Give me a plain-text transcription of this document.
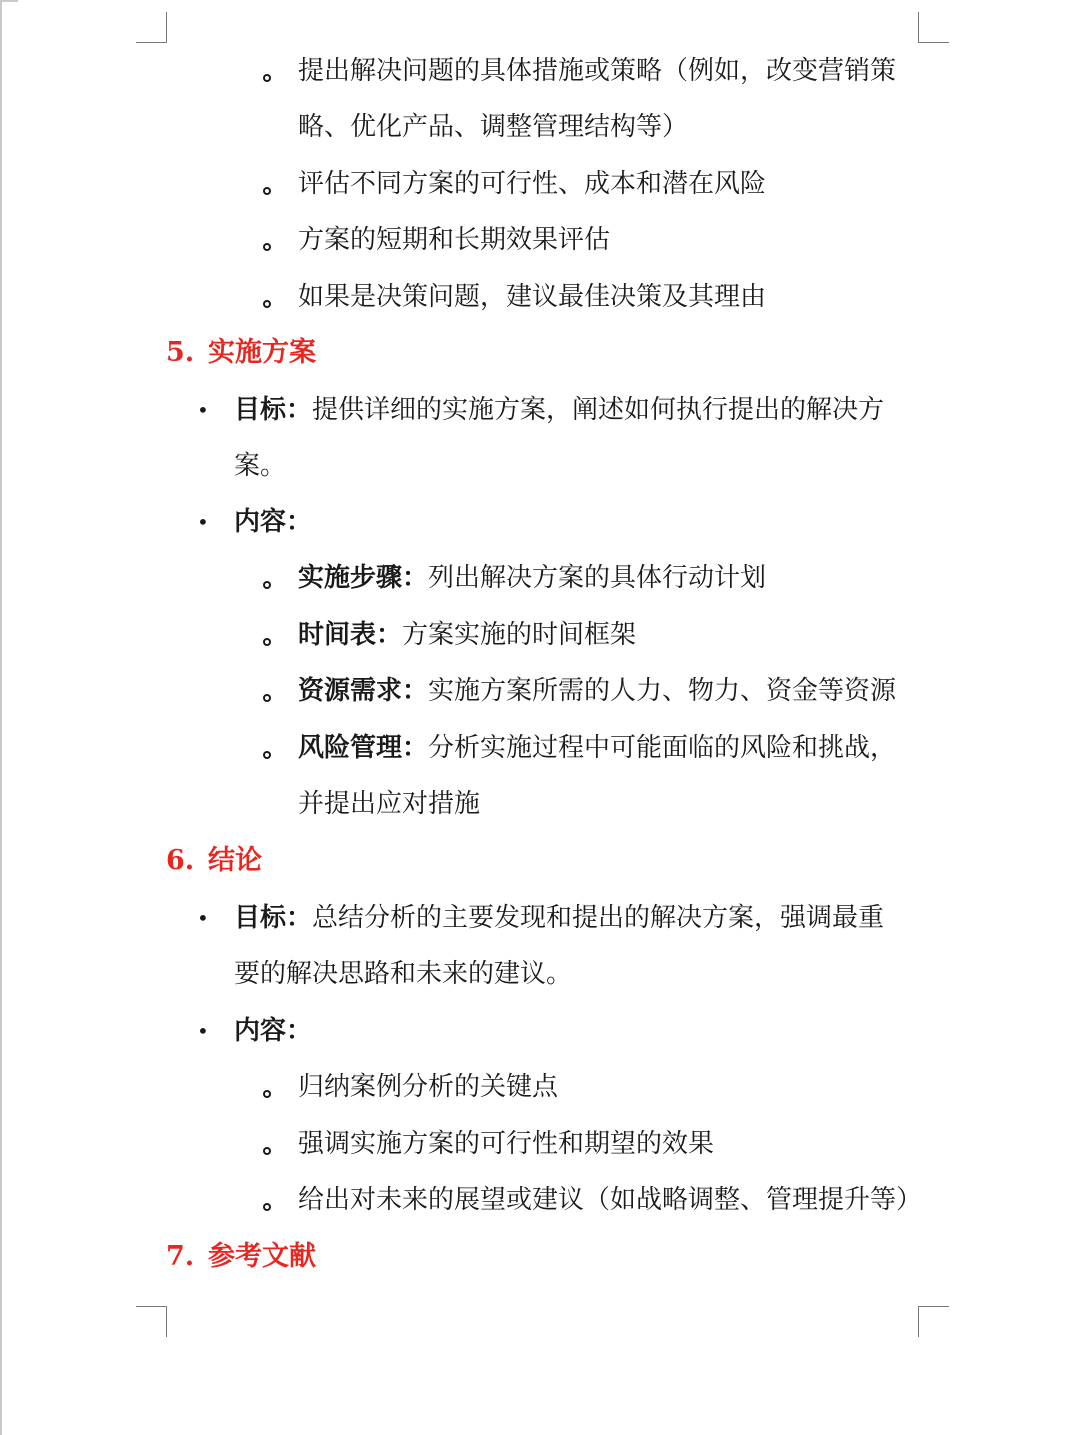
提出解决问题的具体措施或策略（例如，改变营销策
略、优化产品、调整管理结构等）
评估不同方案的可行性、成本和潜在风险
方案的短期和长期效果评估
如果是决策问题，建议最佳决策及其理由
5. 实施方案
• 目标：提供详细的实施方案，阐述如何执行提出的解决方
案。
• 内容：
实施步骤：列出解决方案的具体行动计划
时间表：方案实施的时间框架
资源需求：实施方案所需的人力、物力、资金等资源
风险管理：分析实施过程中可能面临的风险和挑战，
并提出应对措施
6. 结论
• 目标：总结分析的主要发现和提出的解决方案，强调最重
要的解决思路和未来的建议。
• 内容：
归纳案例分析的关键点
强调实施方案的可行性和期望的效果
给出对未来的展望或建议（如战略调整、管理提升等）
7. 参考文献
